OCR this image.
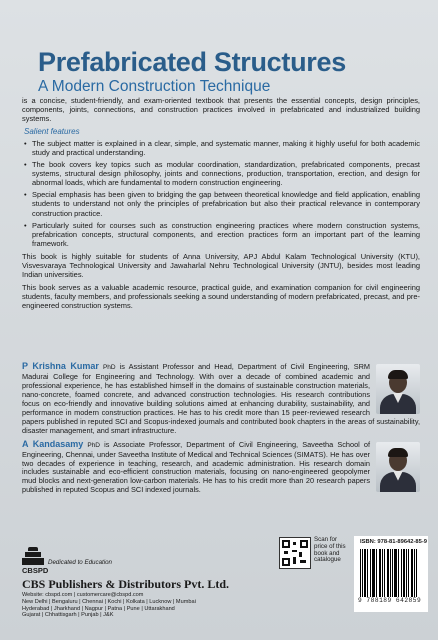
Prefabricated Structures
A Modern Construction Technique

is a concise, student-friendly, and exam-oriented textbook that presents the essential concepts, design principles, components, joints, connections, and construction practices involved in prefabricated and industrialized building systems.

Salient features
• The subject matter is explained in a clear, simple, and systematic manner, making it highly useful for both academic study and practical understanding.
• The book covers key topics such as modular coordination, standardization, prefabricated components, precast systems, structural design philosophy, joints and connections, production, transportation, erection, and design for abnormal loads, which are fundamental to modern construction engineering.
• Special emphasis has been given to bridging the gap between theoretical knowledge and field application, enabling students to understand not only the principles of prefabrication but also their practical relevance in contemporary construction practice.
• Particularly suited for courses such as construction engineering practices where modern construction systems, prefabrication concepts, structural components, and erection practices form an important part of the learning framework.

This book is highly suitable for students of Anna University, APJ Abdul Kalam Technological University (KTU), Visvesvaraya Technological University and Jawaharlal Nehru Technological University (JNTU), besides most leading Indian universities.

This book serves as a valuable academic resource, practical guide, and examination companion for civil engineering students, faculty members, and professionals seeking a sound understanding of modern prefabricated, precast, and pre-engineered construction systems.

P Krishna Kumar PhD is Assistant Professor and Head, Department of Civil Engineering, SRM Madurai College for Engineering and Technology. With over a decade of combined academic and professional experience, he has established himself in the domains of sustainable construction materials, nano-concrete, foamed concrete, and advanced construction technologies. His research contributions focus on eco-friendly and innovative building solutions aimed at enhancing durability, sustainability, and performance in modern construction practices. He has to his credit more than 15 peer-reviewed research papers published in reputed SCI and Scopus-indexed journals and contributed book chapters in the areas of sustainability, disaster management, and smart infrastructure.

A Kandasamy PhD is Associate Professor, Department of Civil Engineering, Saveetha School of Engineering, Chennai, under Saveetha Institute of Medical and Technical Sciences (SIMATS). He has over two decades of experience in teaching, research, and academic administration. His research domain includes sustainable and eco-efficient construction materials, focusing on nano-engineered geopolymer mud blocks and next-generation low-carbon materials. He has to his credit more than 20 research papers published in reputed Scopus and SCI indexed journals.

Dedicated to Education
CBSPD
CBS Publishers & Distributors Pvt. Ltd.
Website: cbspd.com | customercare@cbspd.com
New Delhi | Bengaluru | Chennai | Kochi | Kolkata | Lucknow | Mumbai
Hyderabad | Jharkhand | Nagpur | Patna | Pune | Uttarakhand
Gujarat | Chhattisgarh | Punjab | J&K
Scan for price of this book and catalogue
ISBN: 978-81-89642-85-9
9 788189 642859
